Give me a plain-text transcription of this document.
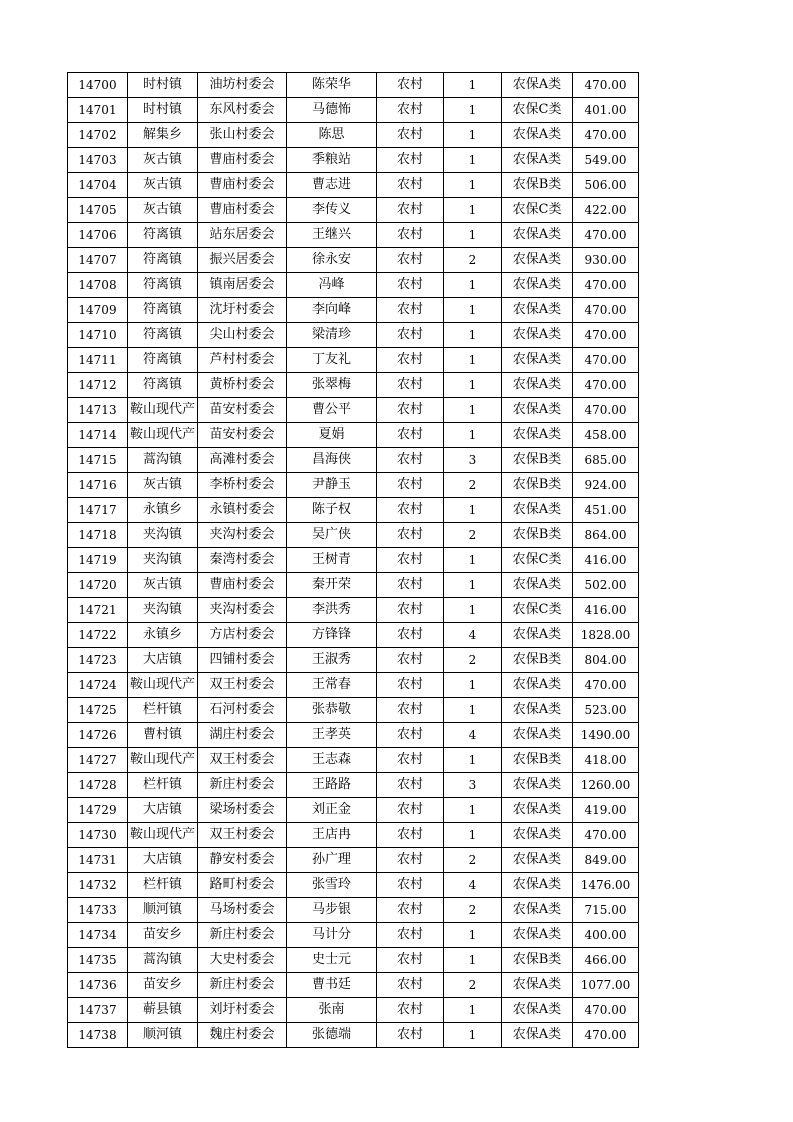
14700	时村镇	油坊村委会	陈荣华	农村	1	农保A类	470.00
14701	时村镇	东风村委会	马德怖	农村	1	农保C类	401.00
14702	解集乡	张山村委会	陈思	农村	1	农保A类	470.00
14703	灰古镇	曹庙村委会	季粮站	农村	1	农保A类	549.00
14704	灰古镇	曹庙村委会	曹志进	农村	1	农保B类	506.00
14705	灰古镇	曹庙村委会	李传义	农村	1	农保C类	422.00
14706	符离镇	站东居委会	王继兴	农村	1	农保A类	470.00
14707	符离镇	振兴居委会	徐永安	农村	2	农保A类	930.00
14708	符离镇	镇南居委会	冯峰	农村	1	农保A类	470.00
14709	符离镇	沈圩村委会	李向峰	农村	1	农保A类	470.00
14710	符离镇	尖山村委会	梁清珍	农村	1	农保A类	470.00
14711	符离镇	芦村村委会	丁友礼	农村	1	农保A类	470.00
14712	符离镇	黄桥村委会	张翠梅	农村	1	农保A类	470.00
14713	鞍山现代产	苗安村委会	曹公平	农村	1	农保A类	470.00
14714	鞍山现代产	苗安村委会	夏娟	农村	1	农保A类	458.00
14715	蒿沟镇	高滩村委会	昌海侠	农村	3	农保B类	685.00
14716	灰古镇	李桥村委会	尹静玉	农村	2	农保B类	924.00
14717	永镇乡	永镇村委会	陈子权	农村	1	农保A类	451.00
14718	夹沟镇	夹沟村委会	吴广侠	农村	2	农保B类	864.00
14719	夹沟镇	秦湾村委会	王树青	农村	1	农保C类	416.00
14720	灰古镇	曹庙村委会	秦开荣	农村	1	农保A类	502.00
14721	夹沟镇	夹沟村委会	李洪秀	农村	1	农保C类	416.00
14722	永镇乡	方店村委会	方锋锋	农村	4	农保A类	1828.00
14723	大店镇	四铺村委会	王淑秀	农村	2	农保B类	804.00
14724	鞍山现代产	双王村委会	王常春	农村	1	农保A类	470.00
14725	栏杆镇	石河村委会	张恭敬	农村	1	农保A类	523.00
14726	曹村镇	湖庄村委会	王孝英	农村	4	农保A类	1490.00
14727	鞍山现代产	双王村委会	王志森	农村	1	农保B类	418.00
14728	栏杆镇	新庄村委会	王路路	农村	3	农保A类	1260.00
14729	大店镇	梁场村委会	刘正金	农村	1	农保A类	419.00
14730	鞍山现代产	双王村委会	王店冉	农村	1	农保A类	470.00
14731	大店镇	静安村委会	孙广理	农村	2	农保A类	849.00
14732	栏杆镇	路町村委会	张雪玲	农村	4	农保A类	1476.00
14733	顺河镇	马场村委会	马步银	农村	2	农保A类	715.00
14734	苗安乡	新庄村委会	马计分	农村	1	农保A类	400.00
14735	蒿沟镇	大史村委会	史士元	农村	1	农保B类	466.00
14736	苗安乡	新庄村委会	曹书廷	农村	2	农保A类	1077.00
14737	蕲县镇	刘圩村委会	张南	农村	1	农保A类	470.00
14738	顺河镇	魏庄村委会	张德端	农村	1	农保A类	470.00
